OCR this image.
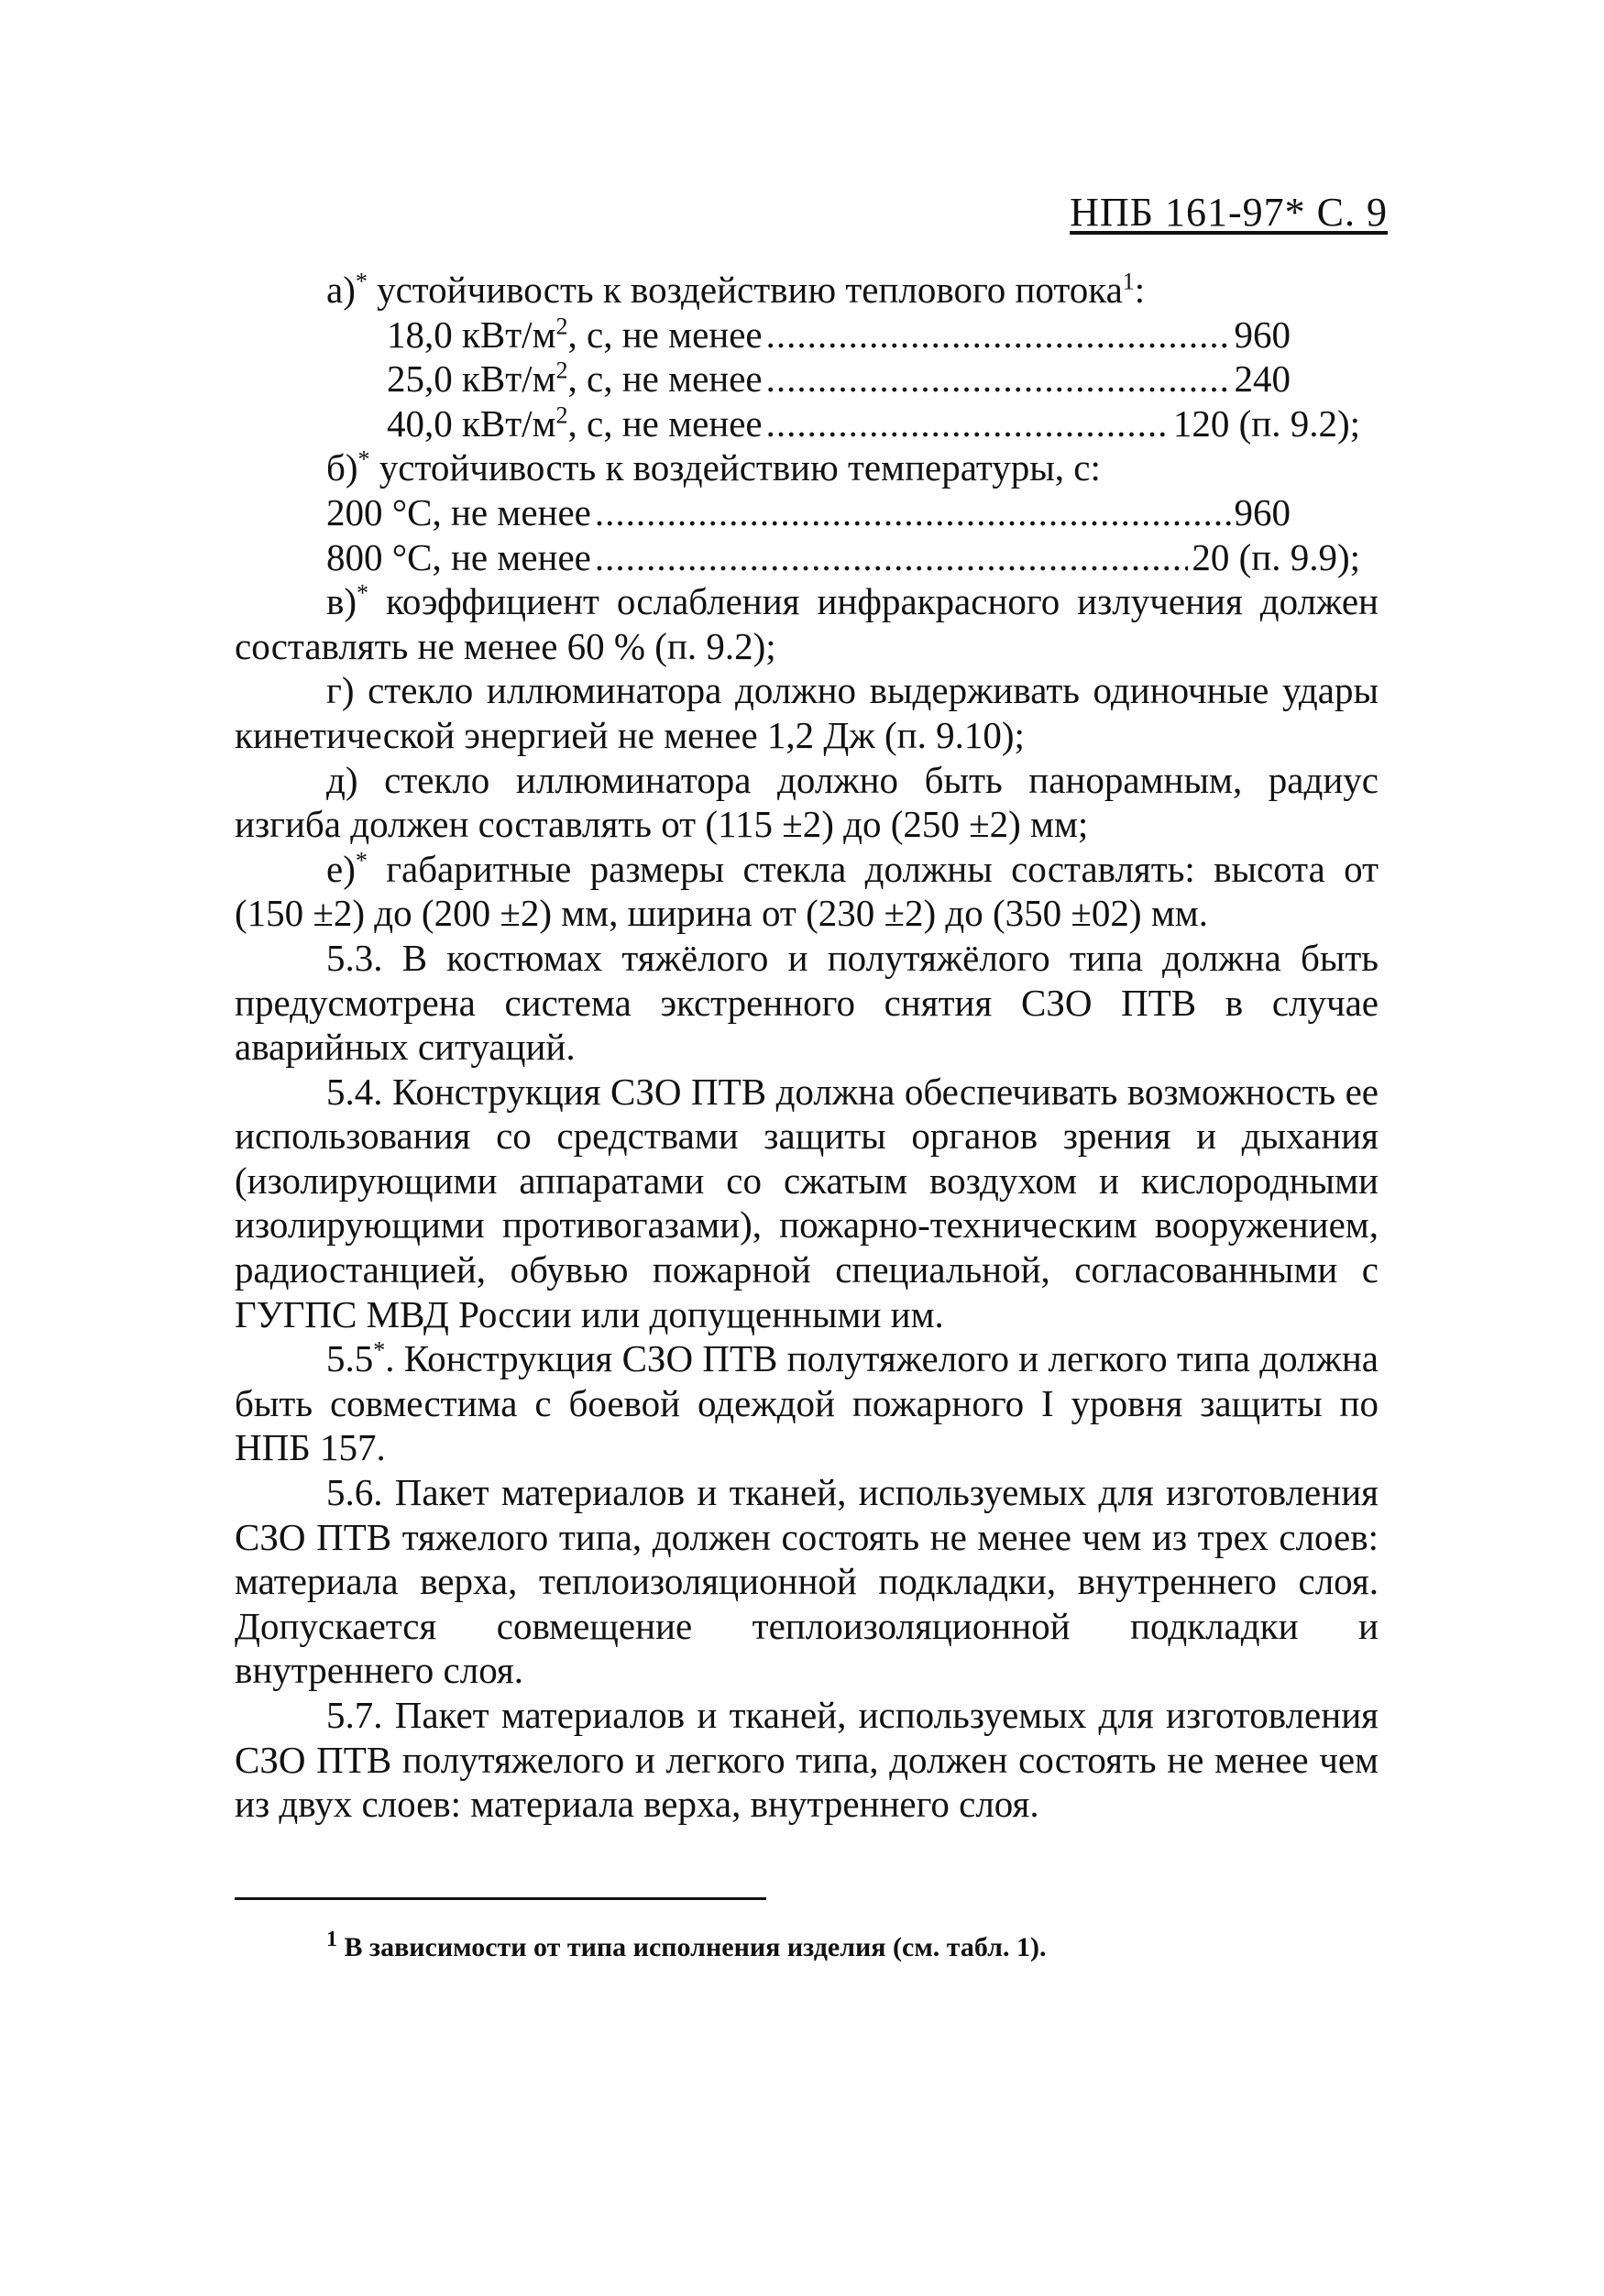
НПБ 161-97* С. 9
а)* устойчивость к воздействию теплового потока$^1$:
18,0 кВт/$м^2$, с, не менее .....	960
25,0 кВт/$м^2$, с, не менее .....	240
40,0 кВт/$м^2$, с, не менее .....	120 (п. 9.2);
б)* устойчивость к воздействию температуры, с:
200 °С, не менее .....	960
800 °С, не менее .....	20 (п. 9.9);

в)* коэффициент ослабления инфракрасного излучения должен составлять не менее 60 % (п. 9.2);

г) стекло иллюминатора должно выдерживать одиночные удары кинетической энергией не менее 1,2 Дж (п. 9.10);

д) стекло иллюминатора должно быть панорамным, радиус изгиба должен составлять от (115 ±2) до (250 ±2) мм;

е)* габаритные размеры стекла должны составлять: высота от (150 ±2) до (200 ±2) мм, ширина от (230 ±2) до (350 ±02) мм.

5.3. В костюмах тяжёлого и полутяжёлого типа должна быть предусмотрена система экстренного снятия СЗО ПТВ в случае аварийных ситуаций.

5.4. Конструкция СЗО ПТВ должна обеспечивать возможность ее использования со средствами защиты органов зрения и дыхания (изолирующими аппаратами со сжатым воздухом и кислородными изолирующими противогазами), пожарно-техническим вооружением, радиостанцией, обувью пожарной специальной, согласованными с ГУГПС МВД России или допущенными им.

5.5*. Конструкция СЗО ПТВ полутяжелого и легкого типа должна быть совместима с боевой одеждой пожарного I уровня защиты по НПБ 157.

5.6. Пакет материалов и тканей, используемых для изготовления СЗО ПТВ тяжелого типа, должен состоять не менее чем из трех слоев: материала верха, теплоизоляционной подкладки, внутреннего слоя. Допускается совмещение теплоизоляционной подкладки и внутреннего слоя.

5.7. Пакет материалов и тканей, используемых для изготовления СЗО ПТВ полутяжелого и легкого типа, должен состоять не менее чем из двух слоев: материала верха, внутреннего слоя.

$^1$ В зависимости от типа исполнения изделия (см. табл. 1).
